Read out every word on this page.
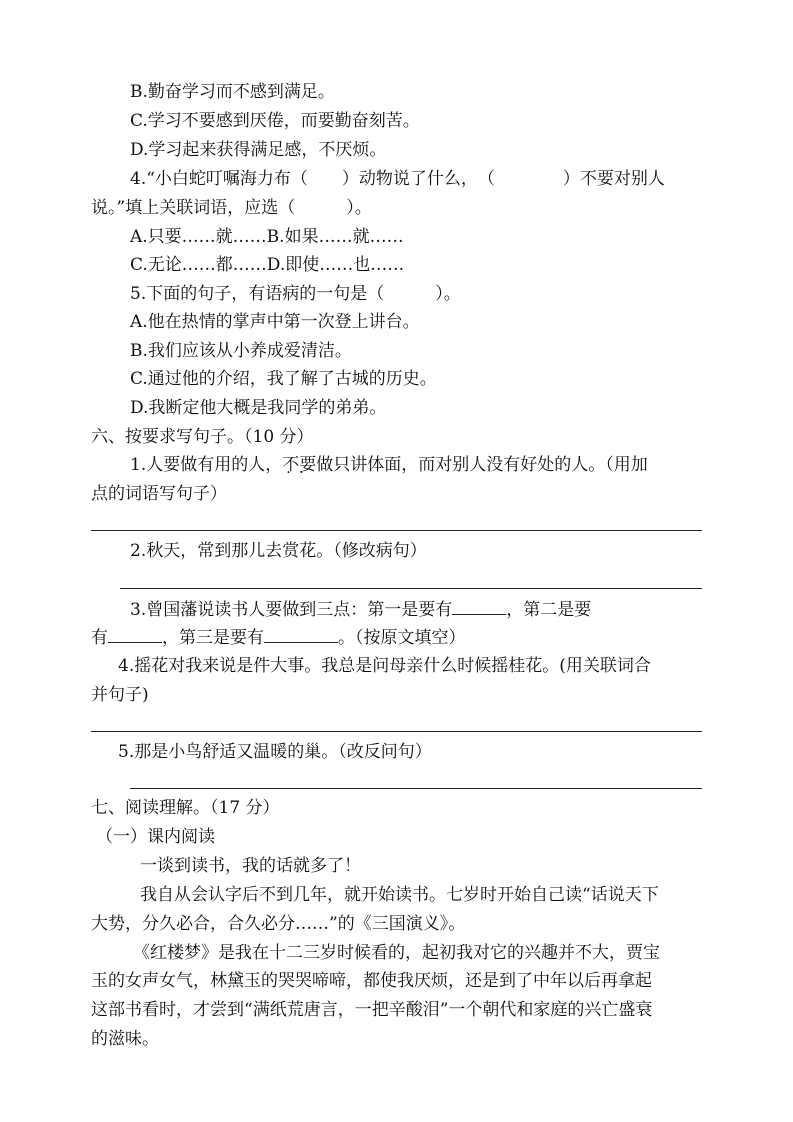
B.勤奋学习而不感到满足。
C.学习不要感到厌倦，而要勤奋刻苦。
D.学习起来获得满足感，不厌烦。
4.“小白蛇叮嘱海力布（　　）动物说了什么，　（　　　　）不要对别人
说。”填上关联词语，应选（　　　）。
A.只要……就……B.如果……就……
C.无论……都……D.即使……也……
5.下面的句子，有语病的一句是（　　　）。
A.他在热情的掌声中第一次登上讲台。
B.我们应该从小养成爱清洁。
C.通过他的介绍，我了解了古城的历史。
D.我断定他大概是我同学的弟弟。
六、按要求写句子。（10 分）
1.人要做有用的人，不要 · ·做只讲体面，而对别人没有好处的人。（用加
点的词语写句子）
2.秋天，常到那儿去赏花。（修改病句）
3.曾国藩说读书人要做到三点：第一是要有	，第二是要
有	，第三是要有	。（按原文填空）
4.摇花对我来说是件大事。我总是问母亲什么时候摇桂花。(用关联词合
并句子)
5.那是小鸟舒适又温暖的巢。（改反问句）
七、阅读理解。（17 分）
（一）课内阅读
一谈到读书，我的话就多了！
我自从会认字后不到几年，就开始读书。七岁时开始自己读“话说天下
大势，分久必合，合久必分……”的《三国演义》。
《红楼梦》是我在十二三岁时候看的，起初我对它的兴趣并不大，贾宝
玉的女声女气，林黛玉的哭哭啼啼，都使我厌烦，还是到了中年以后再拿起
这部书看时，才尝到“满纸荒唐言，一把辛酸泪”一个朝代和家庭的兴亡盛衰
的滋味。
